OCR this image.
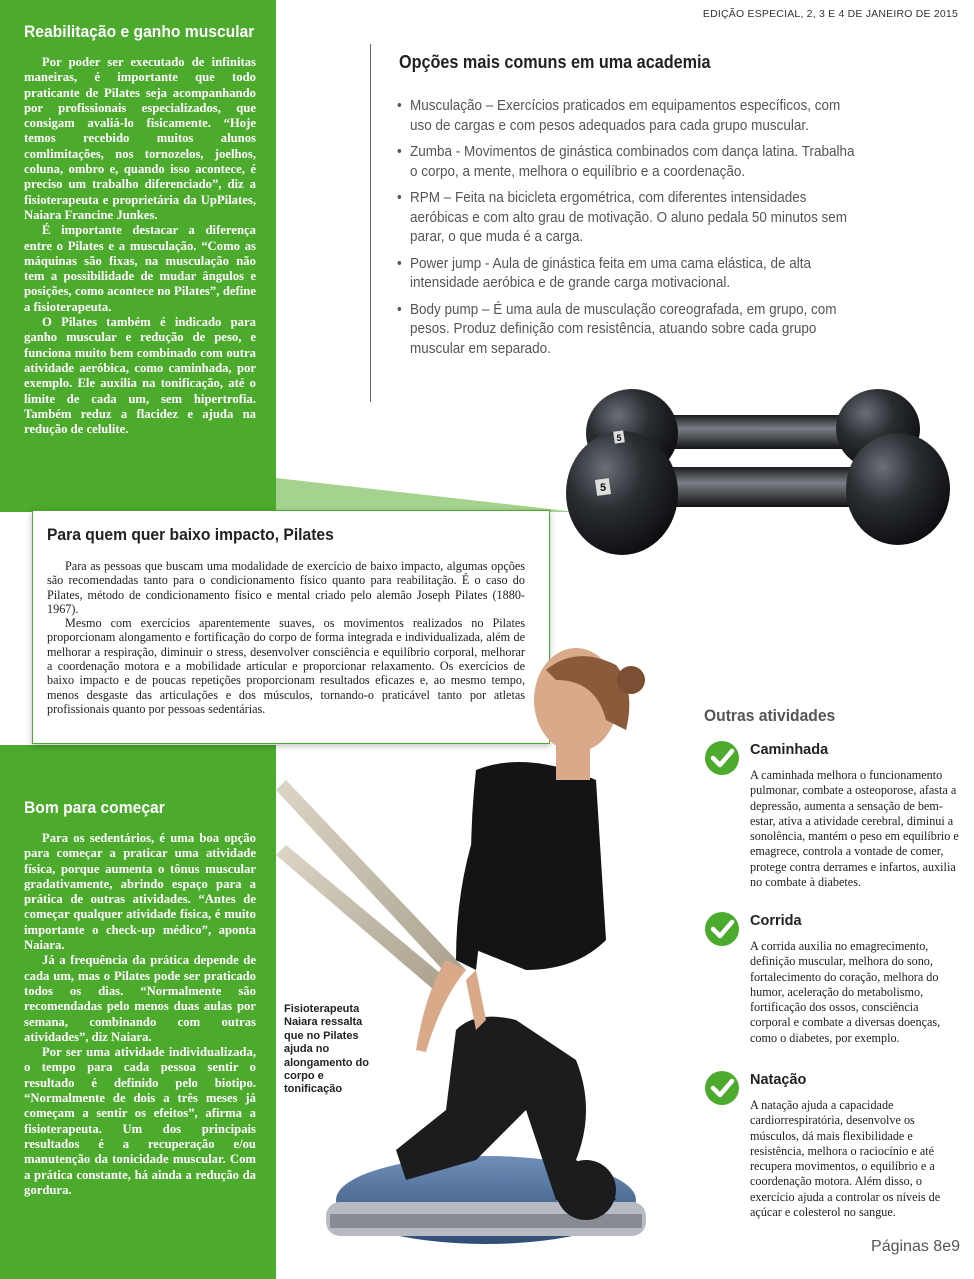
EDIÇÃO ESPECIAL, 2, 3 E 4 DE JANEIRO DE 2015
Reabilitação e ganho muscular

Por poder ser executado de infinitas maneiras, é importante que todo praticante de Pilates seja acompanhando por profissionais especializados, que consigam avaliá-lo fisicamente. “Hoje temos recebido muitos alunos comlimitações, nos tornozelos, joelhos, coluna, ombro e, quando isso acontece, é preciso um trabalho diferenciado”, diz a fisioterapeuta e proprietária da UpPilates, Naiara Francine Junkes.

É importante destacar a diferença entre o Pilates e a musculação. “Como as máquinas são fixas, na musculação não tem a possibilidade de mudar ângulos e posições, como acontece no Pilates”, define a fisioterapeuta.

O Pilates também é indicado para ganho muscular e redução de peso, e funciona muito bem combinado com outra atividade aeróbica, como caminhada, por exemplo. Ele auxilia na tonificação, até o limite de cada um, sem hipertrofia. Também reduz a flacidez e ajuda na redução de celulite.

Opções mais comuns em uma academia
• Musculação – Exercícios praticados em equipamentos específicos, com uso de cargas e com pesos adequados para cada grupo muscular.
• Zumba - Movimentos de ginástica combinados com dança latina. Trabalha o corpo, a mente, melhora o equilíbrio e a coordenação.
• RPM – Feita na bicicleta ergométrica, com diferentes intensidades aeróbicas e com alto grau de motivação. O aluno pedala 50 minutos sem parar, o que muda é a carga.
• Power jump - Aula de ginástica feita em uma cama elástica, de alta intensidade aeróbica e de grande carga motivacional.
• Body pump – É uma aula de musculação coreografada, em grupo, com pesos. Produz definição com resistência, atuando sobre cada grupo muscular em separado.
5
5
Para quem quer baixo impacto, Pilates

Para as pessoas que buscam uma modalidade de exercício de baixo impacto, algumas opções são recomendadas tanto para o condicionamento físico quanto para reabilitação. É o caso do Pilates, método de condicionamento físico e mental criado pelo alemão Joseph Pilates (1880-1967).

Mesmo com exercícios aparentemente suaves, os movimentos realizados no Pilates proporcionam alongamento e fortificação do corpo de forma integrada e individualizada, além de melhorar a respiração, diminuir o stress, desenvolver consciência e equilíbrio corporal, melhorar a coordenação motora e a mobilidade articular e proporcionar relaxamento. Os exercícios de baixo impacto e de poucas repetições proporcionam resultados eficazes e, ao mesmo tempo, menos desgaste das articulações e dos músculos, tornando-o praticável tanto por atletas profissionais quanto por pessoas sedentárias.

Fisioterapeuta Naiara ressalta que no Pilates ajuda no alongamento do corpo e tonificação

Bom para começar

Para os sedentários, é uma boa opção para começar a praticar uma atividade física, porque aumenta o tônus muscular gradativamente, abrindo espaço para a prática de outras atividades. “Antes de começar qualquer atividade física, é muito importante o check-up médico”, aponta Naiara.

Já a frequência da prática depende de cada um, mas o Pilates pode ser praticado todos os dias. “Normalmente são recomendadas pelo menos duas aulas por semana, combinando com outras atividades”, diz Naiara.

Por ser uma atividade individualizada, o tempo para cada pessoa sentir o resultado é definido pelo biotipo. “Normalmente de dois a três meses já começam a sentir os efeitos”, afirma a fisioterapeuta. Um dos principais resultados é a recuperação e/ou manutenção da tonicidade muscular. Com a prática constante, há ainda a redução da gordura.

Outras atividades
Caminhada

A caminhada melhora o funcionamento pulmonar, combate a osteoporose, afasta a depressão, aumenta a sensação de bem-estar, ativa a atividade cerebral, diminui a sonolência, mantém o peso em equilíbrio e emagrece, controla a vontade de comer, protege contra derrames e infartos, auxilia no combate à diabetes.

Corrida

A corrida auxilia no emagrecimento, definição muscular, melhora do sono, fortalecimento do coração, melhora do humor, aceleração do metabolismo, fortificação dos ossos, consciência corporal e combate a diversas doenças, como o diabetes, por exemplo.

Natação

A natação ajuda a capacidade cardiorrespiratória, desenvolve os músculos, dá mais flexibilidade e resistência, melhora o raciocínio e até recupera movimentos, o equilíbrio e a coordenação motora. Além disso, o exercício ajuda a controlar os níveis de açúcar e colesterol no sangue.

Páginas 8e9
